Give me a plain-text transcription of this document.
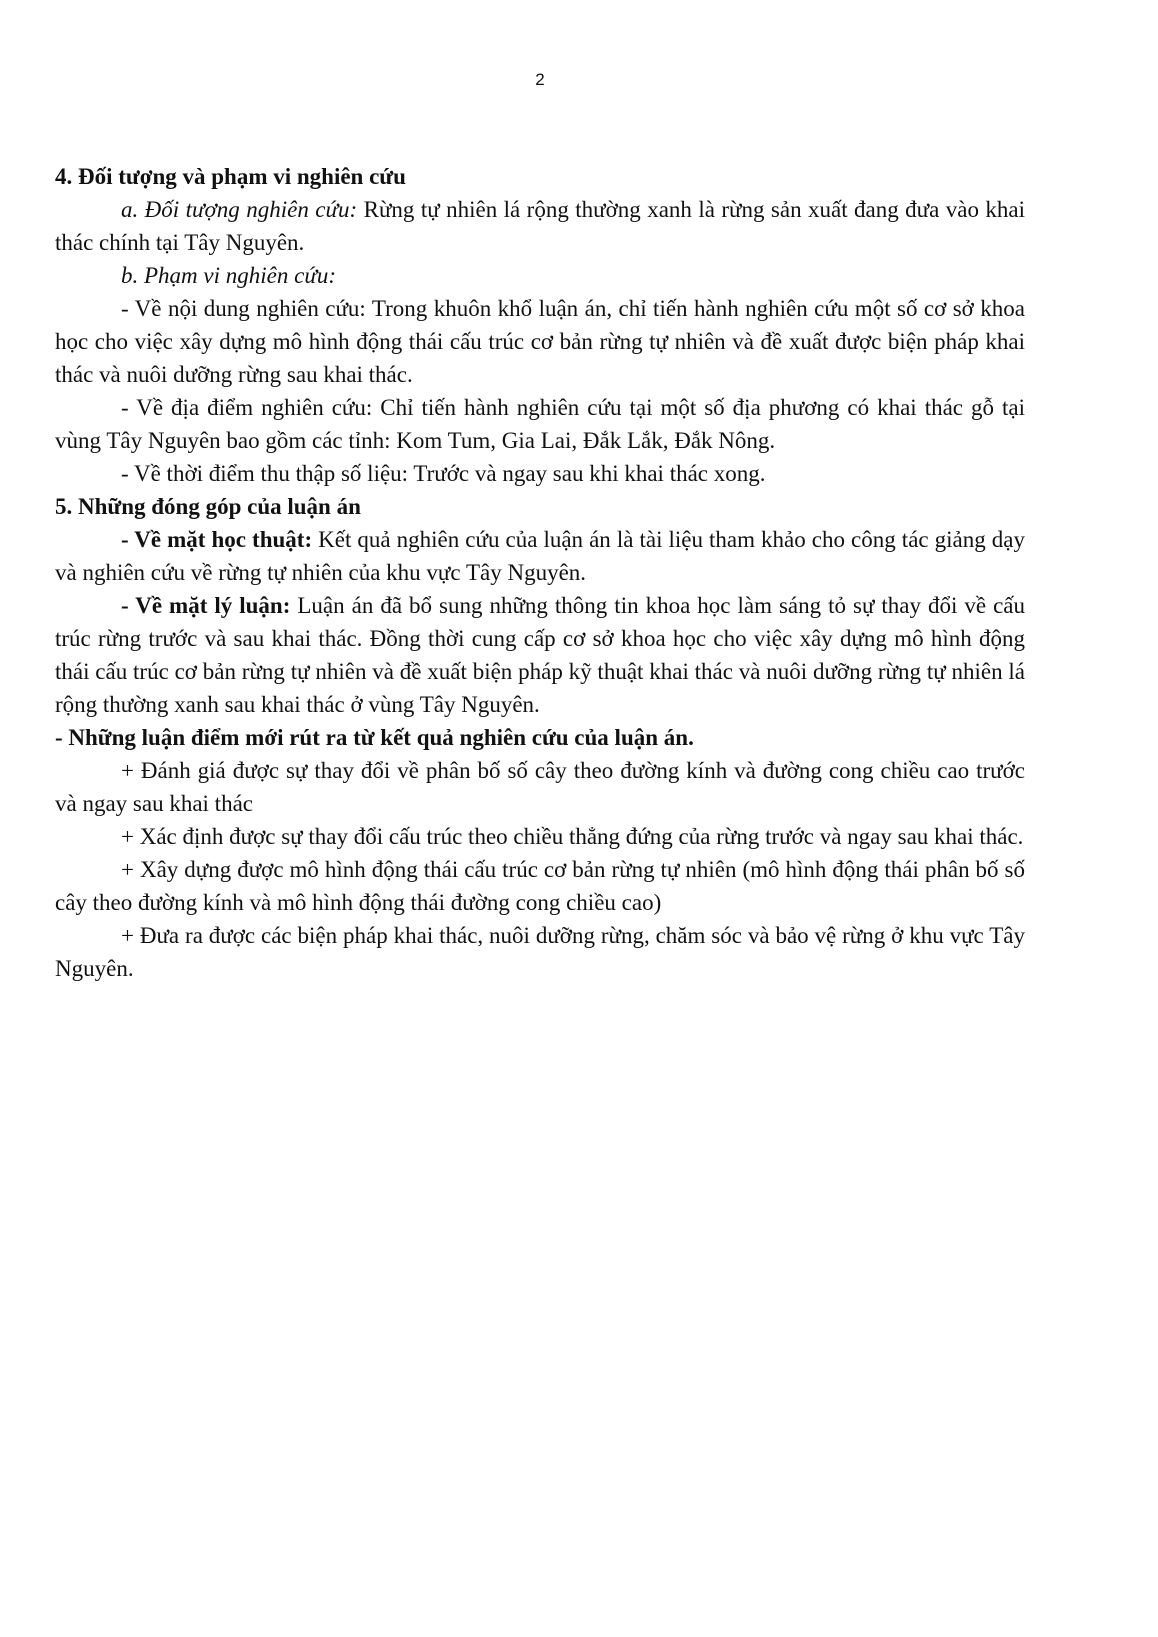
2

4. Đối tượng và phạm vi nghiên cứu

a. Đối tượng nghiên cứu: Rừng tự nhiên lá rộng thường xanh là rừng sản xuất đang đưa vào khai thác chính tại Tây Nguyên.

b. Phạm vi nghiên cứu:

- Về nội dung nghiên cứu: Trong khuôn khổ luận án, chỉ tiến hành nghiên cứu một số cơ sở khoa học cho việc xây dựng mô hình động thái cấu trúc cơ bản rừng tự nhiên và đề xuất được biện pháp khai thác và nuôi dưỡng rừng sau khai thác.

- Về địa điểm nghiên cứu: Chỉ tiến hành nghiên cứu tại một số địa phương có khai thác gỗ tại vùng Tây Nguyên bao gồm các tỉnh: Kom Tum, Gia Lai, Đắk Lắk, Đắk Nông.

- Về thời điểm thu thập số liệu: Trước và ngay sau khi khai thác xong.

5. Những đóng góp của luận án

- Về mặt học thuật: Kết quả nghiên cứu của luận án là tài liệu tham khảo cho công tác giảng dạy và nghiên cứu về rừng tự nhiên của khu vực Tây Nguyên.

- Về mặt lý luận: Luận án đã bổ sung những thông tin khoa học làm sáng tỏ sự thay đổi về cấu trúc rừng trước và sau khai thác. Đồng thời cung cấp cơ sở khoa học cho việc xây dựng mô hình động thái cấu trúc cơ bản rừng tự nhiên và đề xuất biện pháp kỹ thuật khai thác và nuôi dưỡng rừng tự nhiên lá rộng thường xanh sau khai thác ở vùng Tây Nguyên.

- Những luận điểm mới rút ra từ kết quả nghiên cứu của luận án.

+ Đánh giá được sự thay đổi về phân bố số cây theo đường kính và đường cong chiều cao trước và ngay sau khai thác

+ Xác định được sự thay đổi cấu trúc theo chiều thẳng đứng của rừng trước và ngay sau khai thác.

+ Xây dựng được mô hình động thái cấu trúc cơ bản rừng tự nhiên (mô hình động thái phân bố số cây theo đường kính và mô hình động thái đường cong chiều cao)

+ Đưa ra được các biện pháp khai thác, nuôi dưỡng rừng, chăm sóc và bảo vệ rừng ở khu vực Tây Nguyên.
